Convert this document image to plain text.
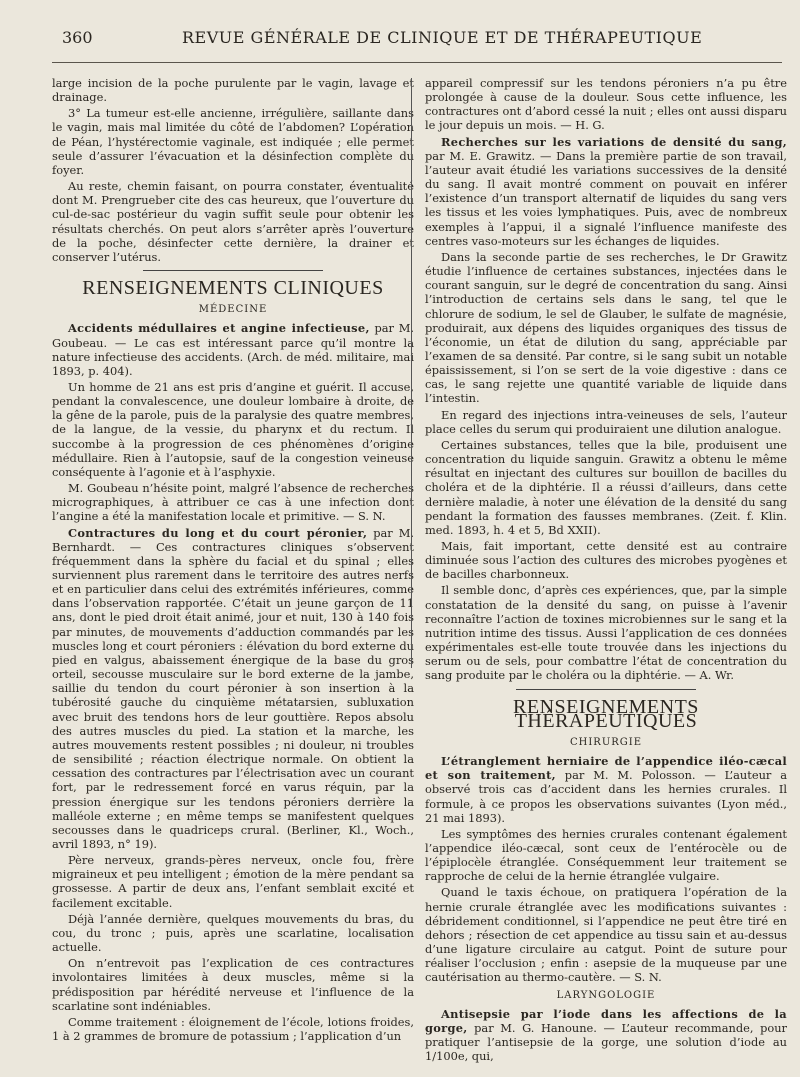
360	REVUE GÉNÉRALE DE CLINIQUE ET DE THÉRAPEUTIQUE

large incision de la poche purulente par le vagin, lavage et drainage.

3° La tumeur est-elle ancienne, irrégulière, saillante dans le vagin, mais mal limitée du côté de l’abdomen? L’opération de Péan, l’hystérectomie vaginale, est indiquée ; elle permet seule d’assurer l’évacuation et la désinfection complète du foyer.

Au reste, chemin faisant, on pourra constater, éventualité dont M. Prengrueber cite des cas heureux, que l’ouverture du cul-de-sac postérieur du vagin suffit seule pour obtenir les résultats cherchés. On peut alors s’arrêter après l’ouverture de la poche, désinfecter cette dernière, la drainer et conserver l’utérus.

RENSEIGNEMENTS CLINIQUES
MÉDECINE

Accidents médullaires et angine infectieuse, par M. Goubeau. — Le cas est intéressant parce qu’il montre la nature infectieuse des accidents. (Arch. de méd. militaire, mai 1893, p. 404).

Un homme de 21 ans est pris d’angine et guérit. Il accuse, pendant la convalescence, une douleur lombaire à droite, de la gêne de la parole, puis de la paralysie des quatre membres, de la langue, de la vessie, du pharynx et du rectum. Il succombe à la progression de ces phénomènes d’origine médullaire. Rien à l’autopsie, sauf de la congestion veineuse conséquente à l’agonie et à l’asphyxie.

M. Goubeau n’hésite point, malgré l’absence de recherches micrographiques, à attribuer ce cas à une infection dont l’angine a été la manifestation locale et primitive. — S. N.

Contractures du long et du court péronier, par M. Bernhardt. — Ces contractures cliniques s’observent fréquemment dans la sphère du facial et du spinal ; elles surviennent plus rarement dans le territoire des autres nerfs et en particulier dans celui des extrémités inférieures, comme dans l’observation rapportée. C’était un jeune garçon de 11 ans, dont le pied droit était animé, jour et nuit, 130 à 140 fois par minutes, de mouvements d’adduction commandés par les muscles long et court péroniers : élévation du bord externe du pied en valgus, abaissement énergique de la base du gros orteil, secousse musculaire sur le bord externe de la jambe, saillie du tendon du court péronier à son insertion à la tubérosité gauche du cinquième métatarsien, subluxation avec bruit des tendons hors de leur gouttière. Repos absolu des autres muscles du pied. La station et la marche, les autres mouvements restent possibles ; ni douleur, ni troubles de sensibilité ; réaction électrique normale. On obtient la cessation des contractures par l’électrisation avec un courant fort, par le redressement forcé en varus réquin, par la pression énergique sur les tendons péroniers derrière la malléole externe ; en même temps se manifestent quelques secousses dans le quadriceps crural. (Berliner, Kl., Woch., avril 1893, n° 19).

Père nerveux, grands-pères nerveux, oncle fou, frère migraineux et peu intelligent ; émotion de la mère pendant sa grossesse. A partir de deux ans, l’enfant semblait excité et facilement excitable.

Déjà l’année dernière, quelques mouvements du bras, du cou, du tronc ; puis, après une scarlatine, localisation actuelle.

On n’entrevoit pas l’explication de ces contractures involontaires limitées à deux muscles, même si la prédisposition par hérédité nerveuse et l’influence de la scarlatine sont indéniables.

Comme traitement : éloignement de l’école, lotions froides, 1 à 2 grammes de bromure de potassium ; l’application d’un

appareil compressif sur les tendons péroniers n’a pu être prolongée à cause de la douleur. Sous cette influence, les contractures ont d’abord cessé la nuit ; elles ont aussi disparu le jour depuis un mois. — H. G.

Recherches sur les variations de densité du sang, par M. E. Grawitz. — Dans la première partie de son travail, l’auteur avait étudié les variations successives de la densité du sang. Il avait montré comment on pouvait en inférer l’existence d’un transport alternatif de liquides du sang vers les tissus et les voies lymphatiques. Puis, avec de nombreux exemples à l’appui, il a signalé l’influence manifeste des centres vaso-moteurs sur les échanges de liquides.

Dans la seconde partie de ses recherches, le Dr Grawitz étudie l’influence de certaines substances, injectées dans le courant sanguin, sur le degré de concentration du sang. Ainsi l’introduction de certains sels dans le sang, tel que le chlorure de sodium, le sel de Glauber, le sulfate de magnésie, produirait, aux dépens des liquides organiques des tissus de l’économie, un état de dilution du sang, appréciable par l’examen de sa densité. Par contre, si le sang subit un notable épaississement, si l’on se sert de la voie digestive : dans ce cas, le sang rejette une quantité variable de liquide dans l’intestin.

En regard des injections intra-veineuses de sels, l’auteur place celles du serum qui produiraient une dilution analogue.

Certaines substances, telles que la bile, produisent une concentration du liquide sanguin. Grawitz a obtenu le même résultat en injectant des cultures sur bouillon de bacilles du choléra et de la diphtérie. Il a réussi d’ailleurs, dans cette dernière maladie, à noter une élévation de la densité du sang pendant la formation des fausses membranes. (Zeit. f. Klin. med. 1893, h. 4 et 5, Bd XXII).

Mais, fait important, cette densité est au contraire diminuée sous l’action des cultures des microbes pyogènes et de bacilles charbonneux.

Il semble donc, d’après ces expériences, que, par la simple constatation de la densité du sang, on puisse à l’avenir reconnaître l’action de toxines microbiennes sur le sang et la nutrition intime des tissus. Aussi l’application de ces données expérimentales est-elle toute trouvée dans les injections du serum ou de sels, pour combattre l’état de concentration du sang produite par le choléra ou la diphtérie. — A. Wr.

RENSEIGNEMENTS THÉRAPEUTIQUES
CHIRURGIE

L’étranglement herniaire de l’appendice iléo-cæcal et son traitement, par M. M. Polosson. — L’auteur a observé trois cas d’accident dans les hernies crurales. Il formule, à ce propos les observations suivantes (Lyon méd., 21 mai 1893).

Les symptômes des hernies crurales contenant également l’appendice iléo-cæcal, sont ceux de l’entérocèle ou de l’épiplocèle étranglée. Conséquemment leur traitement se rapproche de celui de la hernie étranglée vulgaire.

Quand le taxis échoue, on pratiquera l’opération de la hernie crurale étranglée avec les modifications suivantes : débridement conditionnel, si l’appendice ne peut être tiré en dehors ; résection de cet appendice au tissu sain et au-dessus d’une ligature circulaire au catgut. Point de suture pour réaliser l’occlusion ; enfin : asepsie de la muqueuse par une cautérisation au thermo-cautère. — S. N.

LARYNGOLOGIE

Antisepsie par l’iode dans les affections de la gorge, par M. G. Hanoune. — L’auteur recommande, pour pratiquer l’antisepsie de la gorge, une solution d’iode au 1/100e, qui,
